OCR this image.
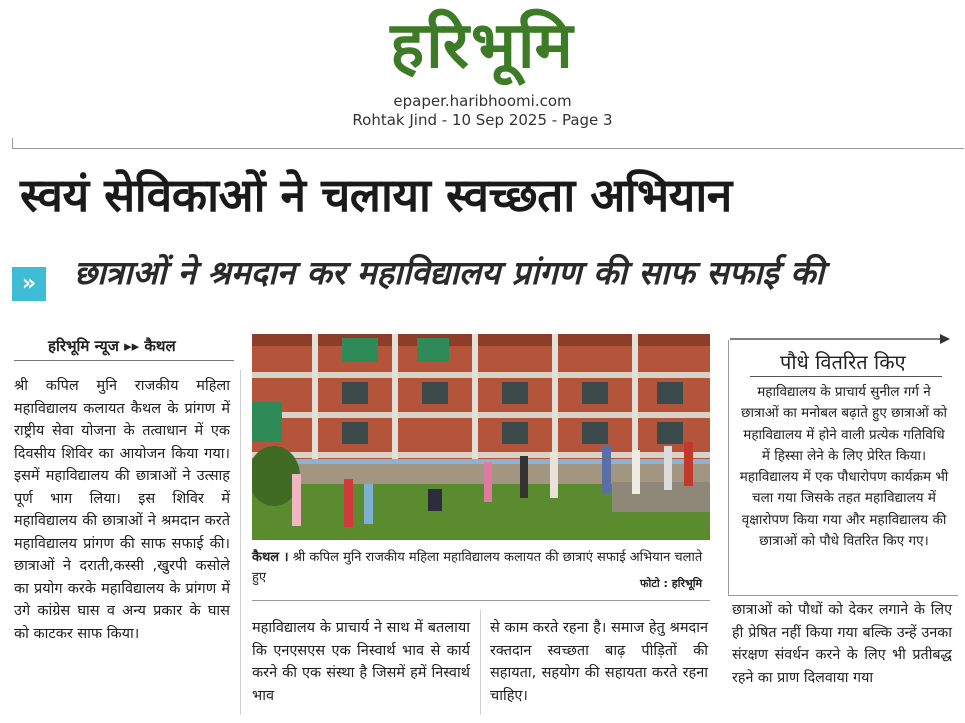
हरिभूमि
epaper.haribhoomi.com
Rohtak Jind - 10 Sep 2025 - Page 3
स्वयं सेविकाओं ने चलाया स्वच्छता अभियान
» छात्राओं ने श्रमदान कर महाविद्यालय प्रांगण की साफ सफाई की
हरिभूमि न्यूज ▸▸ कैथल
श्री कपिल मुनि राजकीय महिला महाविद्यालय कलायत कैथल के प्रांगण में राष्ट्रीय सेवा योजना के तत्वाधान में एक दिवसीय शिविर का आयोजन किया गया। इसमें महाविद्यालय की छात्राओं ने उत्साह पूर्ण भाग लिया। इस शिविर में महाविद्यालय की छात्राओं ने श्रमदान करते महाविद्यालय प्रांगण की साफ सफाई की। छात्राओं ने दराती,कस्सी ,खुरपी कसोले का प्रयोग करके महाविद्यालय के प्रांगण में उगे कांग्रेस घास व अन्य प्रकार के घास को काटकर साफ किया।
कैथल । श्री कपिल मुनि राजकीय महिला महाविद्यालय कलायत की छात्राएं सफाई अभियान चलाते हुए	फोटो : हरिभूमि
महाविद्यालय के प्राचार्य ने साथ में बतलाया कि एनएसएस एक निस्वार्थ भाव से कार्य करने की एक संस्था है जिसमें हमें निस्वार्थ भाव
से काम करते रहना है। समाज हेतु श्रमदान रक्तदान स्वच्छता बाढ़ पीड़ितों की सहायता, सहयोग की सहायता करते रहना चाहिए।
पौधे वितरित किए
महाविद्यालय के प्राचार्य सुनील गर्ग ने छात्राओं का मनोबल बढ़ाते हुए छात्राओं को महाविद्यालय में होने वाली प्रत्येक गतिविधि में हिस्सा लेने के लिए प्रेरित किया। महाविद्यालय में एक पौधारोपण कार्यक्रम भी चला गया जिसके तहत महाविद्यालय में वृक्षारोपण किया गया और महाविद्यालय की छात्राओं को पौधे वितरित किए गए।
छात्राओं को पौधों को देकर लगाने के लिए ही प्रेषित नहीं किया गया बल्कि उन्हें उनका संरक्षण संवर्धन करने के लिए भी प्रतीबद्ध रहने का प्राण दिलवाया गया
